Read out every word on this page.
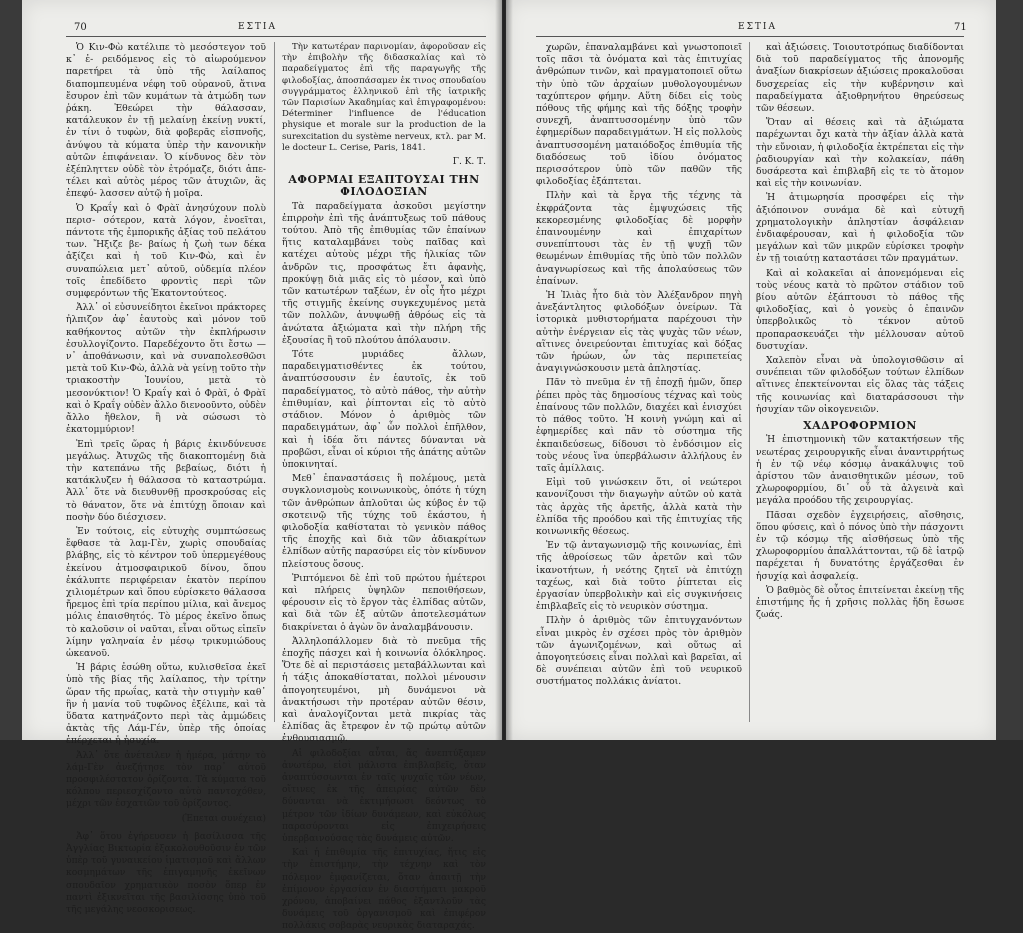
70	ΕΣΤΙΑ

Ὁ Κιν-Φὼ κατέλιπε τὸ μεσόστεγον τοῦ κ᾿ ἐ- ρειδόμενος εἰς τὸ αἰωρούμενον παρετήρει τὰ ὑπὸ τῆς λαίλαπος διαπομπευμένα νέφη τοῦ οὐρανοῦ, ἅτινα ἔσυρον ἐπὶ τῶν κυμάτων τὰ ἀτμώδη των ῥάκη. Ἐθεώρει τὴν θάλασσαν, κατάλευκον ἐν τῇ μελαίνῃ ἐκείνῃ νυκτί, ἐν τίνι ὁ τυφὼν, διὰ φοβερᾶς εἰσπνοῆς, ἀνύψου τὰ κύματα ὑπὲρ τὴν κανονικὴν αὐτῶν ἐπιφάνειαν. Ὁ κίνδυνος δὲν τὸν ἐξέπληττεν οὐδὲ τὸν ἐτρόμαζε, διότι ἀπε- τέλει καὶ αὐτὸς μέρος τῶν ἀτυχιῶν, ἃς ἐπεφύ- λασσεν αὐτῷ ἡ μοῖρα.

Ὁ Κραΐγ καὶ ὁ Φρὰϊ ἀνησύχουν πολὺ περισ- σότερον, κατὰ λόγον, ἐνοεῖται, πάντοτε τῆς ἐμπορικῆς ἀξίας τοῦ πελάτου των. Ἤξιζε βε- βαίως ἡ ζωὴ των δέκα ἀξίζει καὶ ἡ τοῦ Κιν-Φὼ, καὶ ἐν συναπώλεια μετ᾿ αὐτοῦ, οὐδεμία πλέον τοῖς ἐπεδίδετο φροντὶς περὶ τῶν συμφερόντων τῆς Ἑκατοντούτεος.

Ἀλλ᾿ οἱ εὐσυνείδητοι ἐκεῖνοι πράκτορες ἠλπιζον ἀφ᾿ ἑαυτοὺς καὶ μόνον τοῦ καθήκοντος αὐτῶν τὴν ἐκπλήρωσιν ἐσυλλογίζοντο. Παρεδέχοντο ὅτι ἔστω — ν᾿ ἀποθάνωσιν, καὶ νὰ συναπολεσθῶσι μετὰ τοῦ Κιν-Φὼ, ἀλλὰ νὰ γείνῃ τοῦτο τὴν τριακοστὴν Ἰουνίου, μετὰ τὸ μεσονύκτιον! Ὁ Κραΐγ καὶ ὁ Φρὰϊ, ὁ Φρὰϊ καὶ ὁ Κραΐγ οὐδὲν ἄλλο διενοοῦντο, οὐδὲν ἄλλο ἤθελον, ἢ νὰ σώσωσι τὸ ἐκατομμύριον!

Ἐπὶ τρεῖς ὥρας ἡ βάρις ἐκινδύνευσε μεγάλως. Ἀτυχῶς τῆς διακοπτομένῃ διὰ τὴν κατεπάνω τῆς βεβαίως, διότι ἡ κατάκλυζεν ἡ θάλασσα τὸ καταστρώμα. Ἀλλ᾿ ὅτε νὰ διευθυνθῇ προσκρούσας εἰς τὸ θάνατον, ὅτε νὰ ἐπιτύχῃ ὅποιαν καὶ ποσὴν δύο διέσχισεν.

Ἐν τούτοις, εἰς εὐτυχὴς συμπτώσεως ἔφθασε τὰ λαμ-Γὲν, χωρὶς σπουδαίας βλάβης, εἰς τὸ κέντρον τοῦ ὑπερμεγέθους ἐκείνου ἀτμοσφαιρικοῦ δίνου, ὅπου ἐκάλυπτε περιφέρειαν ἑκατὸν περίπου χιλιομέτρων καὶ ὅπου εὑρίσκετο θάλασσα ἤρεμος ἐπὶ τρία περίπου μίλια, καὶ ἄνεμος μόλις ἐπαισθητός. Τὸ μέρος ἐκεῖνο ὅπως τὸ καλοῦσιν οἱ ναῦται, εἶναι οὕτως εἰπεῖν λίμην γαληναία ἐν μέσῳ τρικυμιώδους ὠκεανοῦ.

Ἡ βάρις ἐσώθη οὕτω, κυλισθεῖσα ἐκεῖ ὑπὸ τῆς βίας τῆς λαίλαπος, τὴν τρίτην ὥραν τῆς πρωΐας, κατὰ τὴν στιγμὴν καθ᾿ ἣν ἡ μανία τοῦ τυφῶνος ἐξέλιπε, καὶ τὰ ὕδατα κατηνάζοντο περὶ τὰς ἀμμώδεις ἀκτὰς τῆς Λάμ-Γέν, ὑπὲρ τῆς ὁποίας ἐπέρχεται ἡ ἡσυχία.

Ἀλλ᾿ ὅτε ἀνέτειλεν ἡ ἡμέρα, μάτην τὸ λάμ-Γὲν ἀνεζήτησε τὸν παρ᾿ αὐτοῦ προσφιλέστατον ὁρίζοντα. Τὰ κύματα τοῦ κόλπου περιεσχίζοντο αὐτὸ παντοχόθεν, μέχρι τῶν ἐσχατιῶν τοῦ ὁρίζοντος.

(Ἐπεται συνέχεια)

Ἀφ᾿ ὅτου ἐγήρευσεν ἡ βασίλισσα τῆς Ἀγγλίας Βικτωρία ἐξακολουθοῦσιν ἐν τῶν ὑπὲρ τοῦ γυναικείου ἱματισμοῦ καὶ ἄλλων κοσμημάτων τῆς ἐπιγαμηνῆς ἐκεῖνων σπουδαῖον χρηματικὸν ποσὸν ὅπερ ἐν παντὶ ἐξικνεῖται τῆς βασιλίσσης ὑπὸ τοῦ τῆς μεγάλης νεοσκορισεως.

Τὴν κατωτέραν παρινομίαν, ἀφοροῦσαν εἰς τὴν ἐπιβολὴν τῆς διδασκαλίας καὶ τὸ παραδείγματος ἐπὶ τῆς παραγωγῆς τῆς φιλοδοξίας, ἀποσπάσαμεν ἐκ τινος σπουδαίου συγγράμματος ἐλληνικοῦ ἐπὶ τῆς ἰατρικῆς τῶν Παρισίων Ἀκαδημίας καὶ ἐπιγραφομένου: Déterminer l'influence de l'éducation physique et morale sur la production de la surexcitation du système nerveux, κτλ. par M. le docteur L. Cerise, Paris, 1841.

Γ. Κ. Τ.

ΑΦΟΡΜΑΙ ΕΞΑΠΤΟΥΣΑΙ ΤΗΝ ΦΙΛΟΔΟΞΙΑΝ

Τὰ παραδείγματα ἀσκοῦσι μεγίστην ἐπιρροὴν ἐπὶ τῆς ἀνάπτυξεως τοῦ πάθους τούτου. Ἀπὸ τῆς ἐπιθυμίας τῶν ἐπαίνων ἥτις καταλαμβάνει τοὺς παῖδας καὶ κατέχει αὐτοὺς μέχρι τῆς ἡλικίας τῶν ἀνδρῶν τις, προσφάτως ἔτι ἀφανὴς, προκύψῃ διὰ μιᾶς εἰς τὸ μέσον, καὶ ὑπὸ τῶν κατωτέρων ταξέων, ἐν οἷς ἦτο μέχρι τῆς στιγμῆς ἐκείνης συγκεχυμένος μετὰ τῶν πολλῶν, ἀνυψωθῇ ἀθρόως εἰς τὰ ἀνώτατα ἀξιώματα καὶ τὴν πλήρη τῆς ἐξουσίας ἢ τοῦ πλούτου ἀπόλαυσιν.

Τότε μυριάδες ἄλλων, παραδειγματισθέντες ἐκ τούτου, ἀναπτύσσουσιν ἐν ἑαυτοῖς, ἐκ τοῦ παραδείγματος, τὸ αὐτὸ πάθος, τὴν αὐτὴν ἐπιθυμίαν, καὶ ῥίπτονται εἰς τὸ αὐτὸ στάδιον. Μόνον ὁ ἀριθμὸς τῶν παραδειγμάτων, ἀφ᾿ ὧν πολλοὶ ἐπῆλθον, καὶ ἡ ἰδέα ὅτι πάντες δύνανται νὰ προβῶσι, εἶναι οἱ κύριοι τῆς ἀπάτης αὐτῶν ὑποκινηταί.

Μεθ᾿ ἐπαναστάσεις ἢ πολέμους, μετὰ συγκλονισμοὺς κοινωνικοὺς, ὁπότε ἡ τύχη τῶν ἀνθρώπων ἀπλοῦται ὡς κύβος ἐν τῷ σκοτεινῷ τῆς τύχης τοῦ ἑκάστου, ἡ φιλοδοξία καθίσταται τὸ γενικὸν πάθος τῆς ἐποχῆς καὶ διὰ τῶν ἀδιακρίτων ἐλπίδων αὐτῆς παρασύρει εἰς τὸν κίνδυνον πλείστους ὅσους.

Ῥιπτόμενοι δὲ ἐπὶ τοῦ πρώτου ἡμέτεροι καὶ πλήρεις ὑψηλῶν πεποιθήσεων, φέρουσιν εἰς τὸ ἔργον τὰς ἐλπίδας αὐτῶν, καὶ διὰ τῶν ἐξ αὐτῶν ἀποτελεσμάτων διακρίνεται ὁ ἀγὼν ὃν ἀναλαμβάνουσιν.

Ἀλληλοπάλλομεν διὰ τὸ πνεῦμα τῆς ἐποχῆς πάσχει καὶ ἡ κοινωνία ὁλόκληρος. Ὅτε δὲ αἱ περιστάσεις μεταβάλλωνται καὶ ἡ τάξις ἀποκαθίσταται, πολλοὶ μένουσιν ἀπογοητευμένοι, μὴ δυνάμενοι νὰ ἀνακτήσωσι τὴν προτέραν αὐτῶν θέσιν, καὶ ἀναλογίζονται μετὰ πικρίας τὰς ἐλπίδας ἃς ἔτρεφον ἐν τῷ πρώτῳ αὐτῶν ἐνθουσιασμῷ.

Αἱ φιλοδοξίαι αὗται, ἅς ἀνεπτύξαμεν ἀνωτέρω, εἰσὶ μάλιστα ἐπιβλαβεῖς, ὅταν ἀναπτύσσωνται ἐν ταῖς ψυχαῖς τῶν νέων, οἵτινες ἐκ τῆς ἀπειρίας αὐτῶν δὲν δύνανται νὰ ἐκτιμήσωσι δεόντως τὸ μέτρον τῶν ἰδίων δυνάμεων, καὶ εὐκόλως παρασύρονται εἰς ἐπιχειρήσεις ὑπερβαινούσας τὰς δυνάμεις αὐτῶν.

Καὶ ἡ ἐπιθυμία τῆς ἐπιτυχίας, ἥτις εἰς τὴν ἐπιστήμην, τὴν τέχνην καὶ τὸν πόλεμον ἐμφανίζεται, ὅταν ἀπαιτῇ τὴν ἐπίμονον ἐργασίαν ἐν διαστήματι μακροῦ χρόνου, ἀποβαίνει πάθος ἐξαντλοῦν τὰς δυνάμεις τοῦ ὀργανισμοῦ καὶ ἐπιφέρον πολλάκις σοβαρὰς νευρικὰς διαταραχάς.

ΕΣΤΙΑ	71

χωρῶν, ἐπαναλαμβάνει καὶ γνωστοποιεῖ τοῖς πᾶσι τὰ ὀνόματα καὶ τὰς ἐπιτυχίας ἀνθρώπων τινῶν, καὶ πραγματοποιεῖ οὕτω τὴν ὑπὸ τῶν ἀρχαίων μυθολογουμένων ταχύπτερον φήμην. Αὕτη δίδει εἰς τοὺς πόθους τῆς φήμης καὶ τῆς δόξης τροφὴν συνεχῆ, ἀναπτυσσομένην ὑπὸ τῶν ἐφημερίδων παραδειγμάτων. Ἡ εἰς πολλοὺς ἀναπτυσσομένη ματαιόδοξος ἐπιθυμία τῆς διαδόσεως τοῦ ἰδίου ὀνόματος περισσότερον ὑπὸ τῶν παθῶν τῆς φιλοδοξίας ἐξάπτεται.

Πλὴν καὶ τὰ ἔργα τῆς τέχνης τὰ ἐκφράζοντα τὰς ἐμψυχώσεις τῆς κεκορεσμένης φιλοδοξίας δὲ μορφὴν ἐπαινουμένην καὶ ἐπιχαρίτων συνεπίπτουσι τὰς ἐν τῇ ψυχῇ τῶν θεωμένων ἐπιθυμίας τῆς ὑπὸ τῶν πολλῶν ἀναγνωρίσεως καὶ τῆς ἀπολαύσεως τῶν ἐπαίνων.

Ἡ Ἰλιὰς ἦτο διὰ τὸν Ἀλέξανδρον πηγὴ ἀνεξάντλητος φιλοδόξων ὀνείρων. Τὰ ἱστορικὰ μυθιστορήματα παρέχουσι τὴν αὐτὴν ἐνέργειαν εἰς τὰς ψυχὰς τῶν νέων, αἵτινες ὀνειρεύονται ἐπιτυχίας καὶ δόξας τῶν ἡρώων, ὧν τὰς περιπετείας ἀναγιγνώσκουσιν μετὰ ἀπληστίας.

Πᾶν τὸ πνεῦμα ἐν τῇ ἐποχῇ ἡμῶν, ὅπερ ῥέπει πρὸς τὰς δημοσίους τέχνας καὶ τοὺς ἐπαίνους τῶν πολλῶν, διαχέει καὶ ἐνισχύει τὸ πάθος τοῦτο. Ἡ κοινὴ γνώμη καὶ αἱ ἐφημερίδες καὶ πᾶν τὸ σύστημα τῆς ἐκπαιδεύσεως, δίδουσι τὸ ἐνδόσιμον εἰς τοὺς νέους ἵνα ὑπερβάλωσιν ἀλλήλους ἐν ταῖς ἀμίλλαις.

Εἰμὶ τοῦ γινώσκειν ὅτι, οἱ νεώτεροι κανονίζουσι τὴν διαγωγὴν αὐτῶν οὐ κατὰ τὰς ἀρχὰς τῆς ἀρετῆς, ἀλλὰ κατὰ τὴν ἐλπίδα τῆς προόδου καὶ τῆς ἐπιτυχίας τῆς κοινωνικῆς θέσεως.

Ἐν τῷ ἀνταγωνισμῷ τῆς κοινωνίας, ἐπὶ τῆς ἀθροίσεως τῶν ἀρετῶν καὶ τῶν ἰκανοτήτων, ἡ νεότης ζητεῖ νὰ ἐπιτύχῃ ταχέως, καὶ διὰ τοῦτο ῥίπτεται εἰς ἐργασίαν ὑπερβολικὴν καὶ εἰς συγκινήσεις ἐπιβλαβεῖς εἰς τὸ νευρικὸν σύστημα.

Πλὴν ὁ ἀριθμὸς τῶν ἐπιτυγχανόντων εἶναι μικρὸς ἐν σχέσει πρὸς τὸν ἀριθμὸν τῶν ἀγωνιζομένων, καὶ οὕτως αἱ ἀπογοητεύσεις εἶναι πολλαὶ καὶ βαρεῖαι, αἱ δὲ συνέπειαι αὐτῶν ἐπὶ τοῦ νευρικοῦ συστήματος πολλάκις ἀνίατοι.

καὶ ἀξιώσεις. Τοιουτοτρόπως διαδίδονται διὰ τοῦ παραδείγματος τῆς ἀπονομῆς ἀναξίων διακρίσεων ἀξιώσεις προκαλοῦσαι δυσχερείας εἰς τὴν κυβέρνησιν καὶ παραδείγματα ἀξιοθρηνήτου θηρεύσεως τῶν θέσεων.

Ὅταν αἱ θέσεις καὶ τὰ ἀξιώματα παρέχωνται ὄχι κατὰ τὴν ἀξίαν ἀλλὰ κατὰ τὴν εὔνοιαν, ἡ φιλοδοξία ἐκτρέπεται εἰς τὴν ῥαδιουργίαν καὶ τὴν κολακείαν, πάθη δυσάρεστα καὶ ἐπιβλαβῆ εἰς τε τὸ ἄτομον καὶ εἰς τὴν κοινωνίαν.

Ἡ ἀτιμωρησία προσφέρει εἰς τὴν ἀξιόποινον συνάμα δὲ καὶ εὐτυχῆ χρηματολογικὴν ἀπληστίαν ἀσφάλειαν ἐνδιαφέρουσαν, καὶ ἡ φιλοδοξία τῶν μεγάλων καὶ τῶν μικρῶν εὑρίσκει τροφὴν ἐν τῇ τοιαύτῃ καταστάσει τῶν πραγμάτων.

Καὶ αἱ κολακεῖαι αἱ ἀπονεμόμεναι εἰς τοὺς νέους κατὰ τὸ πρῶτον στάδιον τοῦ βίου αὐτῶν ἐξάπτουσι τὸ πάθος τῆς φιλοδοξίας, καὶ ὁ γονεὺς ὁ ἐπαινῶν ὑπερβολικῶς τὸ τέκνον αὐτοῦ προπαρασκευάζει τὴν μέλλουσαν αὐτοῦ δυστυχίαν.

Χαλεπὸν εἶναι νὰ ὑπολογισθῶσιν αἱ συνέπειαι τῶν φιλοδόξων τούτων ἐλπίδων αἵτινες ἐπεκτείνονται εἰς ὅλας τὰς τάξεις τῆς κοινωνίας καὶ διαταράσσουσι τὴν ἡσυχίαν τῶν οἰκογενειῶν.

ΧΑΔΡΟΦΟΡΜΙΟΝ

Ἡ ἐπιστημονικὴ τῶν κατακτήσεων τῆς νεωτέρας χειρουργικῆς εἶναι ἀναντιρρήτως ἡ ἐν τῷ νέῳ κόσμῳ ἀνακάλυψις τοῦ ἀρίστου τῶν ἀναισθητικῶν μέσων, τοῦ χλωροφορμίου, δι᾿ οὗ τὰ ἀλγεινὰ καὶ μεγάλα προόδου τῆς χειρουργίας.

Πᾶσαι σχεδὸν ἐγχειρήσεις, αἴσθησις, ὅπου φύσεις, καὶ ὁ πόνος ὑπὸ τὴν πάσχοντι ἐν τῷ κόσμῳ τῆς αἰσθήσεως ὑπὸ τῆς χλωροφορμίου ἀπαλλάττονται, τῷ δὲ ἰατρῷ παρέχεται ἡ δυνατότης ἐργάζεσθαι ἐν ἡσυχίᾳ καὶ ἀσφαλείᾳ.

Ὁ βαθμὸς δὲ οὗτος ἐπιτείνεται ἐκείνῃ τῆς ἐπιστήμης ἧς ἡ χρῆσις πολλὰς ἤδη ἔσωσε ζωάς.
